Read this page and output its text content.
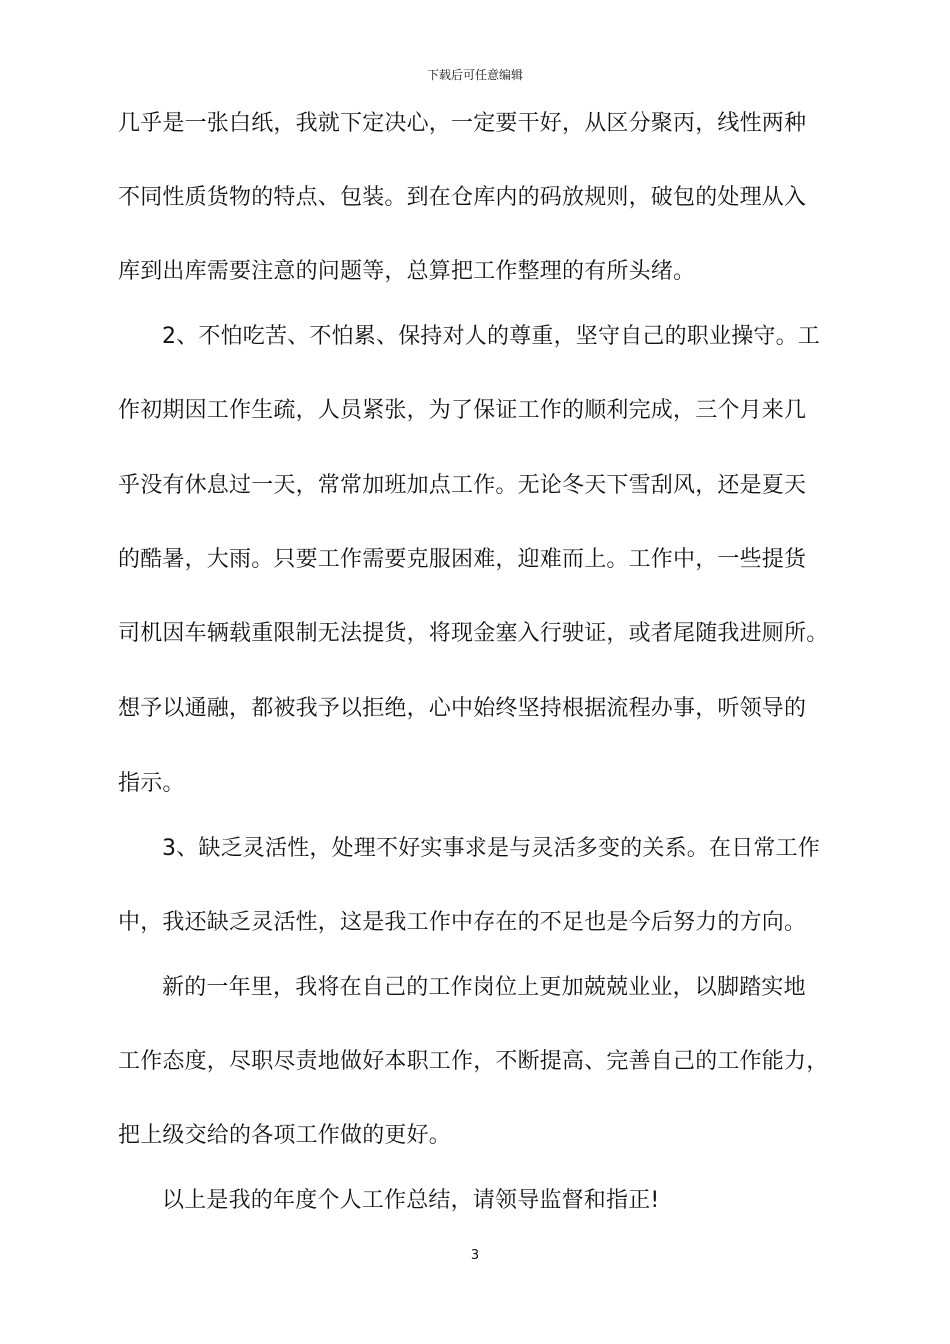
下载后可任意编辑
几乎是一张白纸，我就下定决心，一定要干好，从区分聚丙，线性两种
不同性质货物的特点、包装。到在仓库内的码放规则，破包的处理从入
库到出库需要注意的问题等，总算把工作整理的有所头绪。
2、不怕吃苦、不怕累、保持对人的尊重，坚守自己的职业操守。工
作初期因工作生疏，人员紧张，为了保证工作的顺利完成，三个月来几
乎没有休息过一天，常常加班加点工作。无论冬天下雪刮风，还是夏天
的酷暑，大雨。只要工作需要克服困难，迎难而上。工作中，一些提货
司机因车辆载重限制无法提货，将现金塞入行驶证，或者尾随我进厕所。
想予以通融，都被我予以拒绝，心中始终坚持根据流程办事，听领导的
指示。
3、缺乏灵活性，处理不好实事求是与灵活多变的关系。在日常工作
中，我还缺乏灵活性，这是我工作中存在的不足也是今后努力的方向。
新的一年里，我将在自己的工作岗位上更加兢兢业业，以脚踏实地
工作态度，尽职尽责地做好本职工作，不断提高、完善自己的工作能力，
把上级交给的各项工作做的更好。
以上是我的年度个人工作总结，请领导监督和指正!
3
